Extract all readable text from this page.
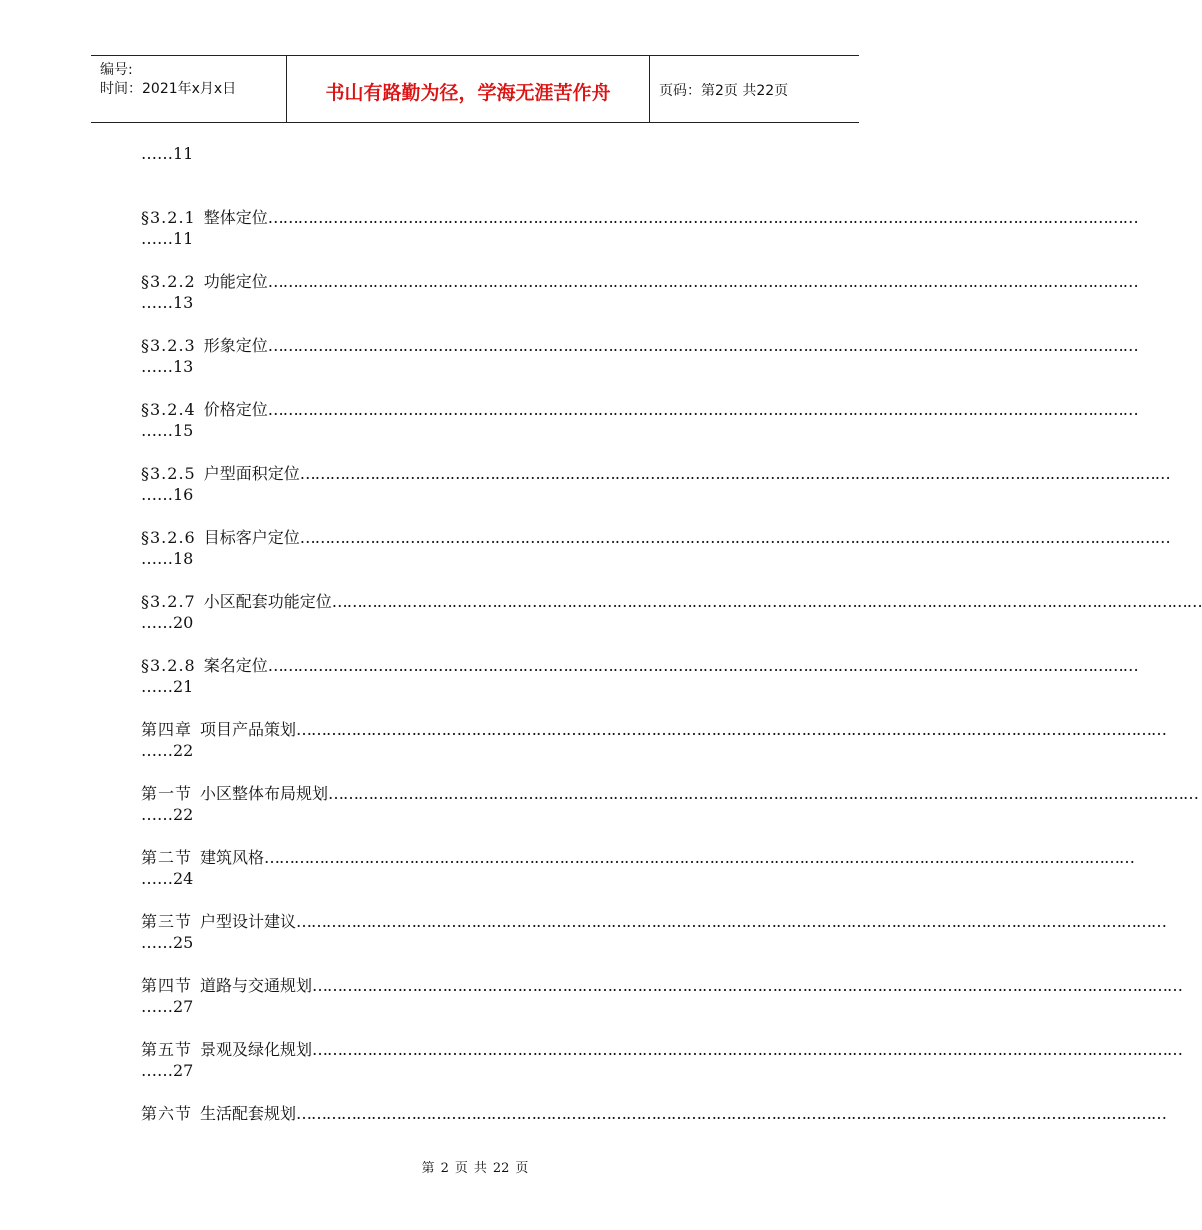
编号:
时间：2021年x月x日	书山有路勤为径，学海无涯苦作舟	页码：第2页 共22页
……11
§3.2.1 整体定位 …………………………………………………………………………………………………………………………………………………………
……11
§3.2.2 功能定位 …………………………………………………………………………………………………………………………………………………………
……13
§3.2.3 形象定位 …………………………………………………………………………………………………………………………………………………………
……13
§3.2.4 价格定位 …………………………………………………………………………………………………………………………………………………………
……15
§3.2.5 户型面积定位 …………………………………………………………………………………………………………………………………………………………
……16
§3.2.6 目标客户定位 …………………………………………………………………………………………………………………………………………………………
……18
§3.2.7 小区配套功能定位 …………………………………………………………………………………………………………………………………………………………
……20
§3.2.8 案名定位 …………………………………………………………………………………………………………………………………………………………
……21
第四章 项目产品策划 …………………………………………………………………………………………………………………………………………………………
……22
第一节 小区整体布局规划 …………………………………………………………………………………………………………………………………………………………
……22
第二节 建筑风格 …………………………………………………………………………………………………………………………………………………………
……24
第三节 户型设计建议 …………………………………………………………………………………………………………………………………………………………
……25
第四节 道路与交通规划 …………………………………………………………………………………………………………………………………………………………
……27
第五节 景观及绿化规划 …………………………………………………………………………………………………………………………………………………………
……27
第六节 生活配套规划 …………………………………………………………………………………………………………………………………………………………
第 2 页 共 22 页
